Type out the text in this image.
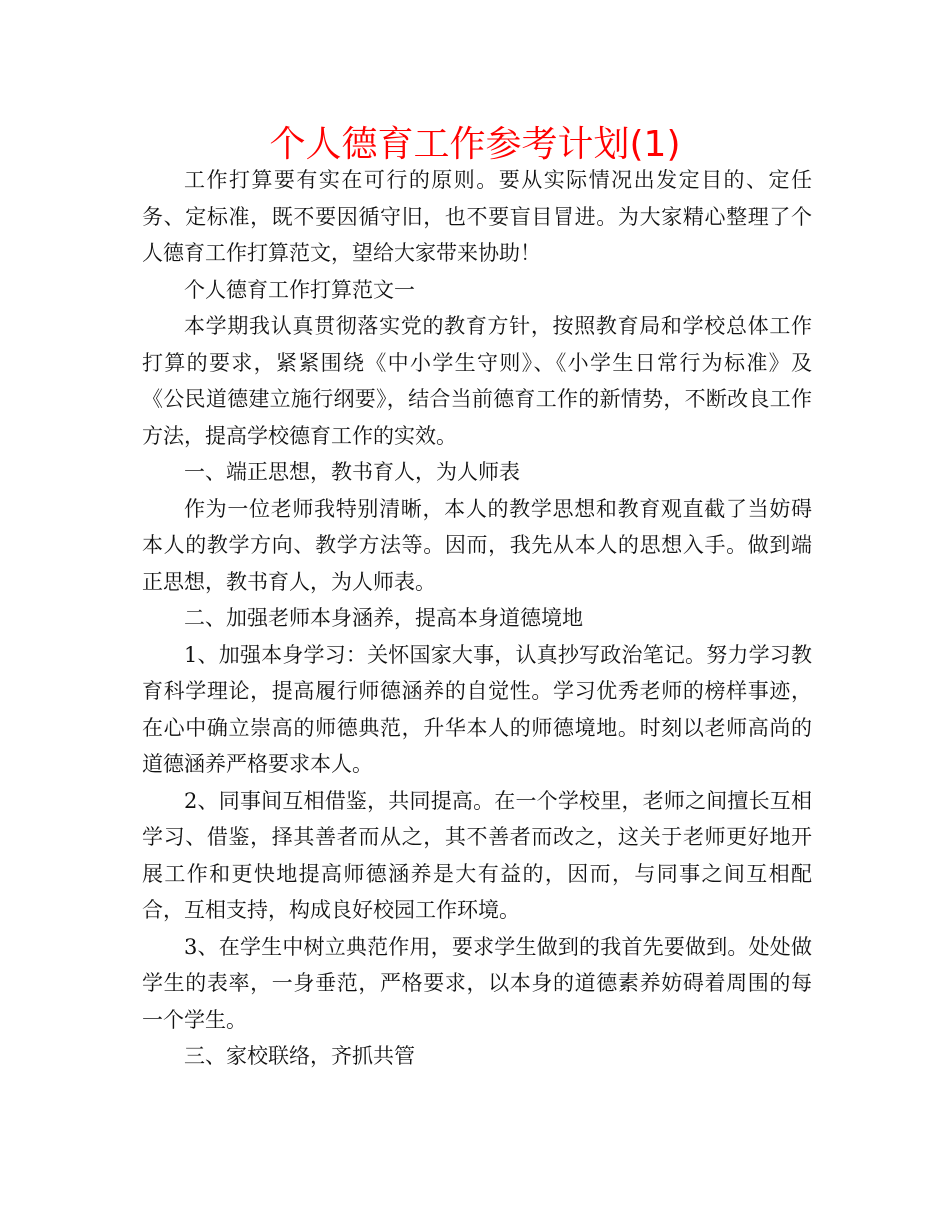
个人德育工作参考计划(1)

工作打算要有实在可行的原则。要从实际情况出发定目的、定任务、定标准，既不要因循守旧，也不要盲目冒进。为大家精心整理了个人德育工作打算范文，望给大家带来协助！

个人德育工作打算范文一

本学期我认真贯彻落实党的教育方针，按照教育局和学校总体工作打算的要求，紧紧围绕《中小学生守则》、《小学生日常行为标准》及《公民道德建立施行纲要》，结合当前德育工作的新情势，不断改良工作方法，提高学校德育工作的实效。

一、端正思想，教书育人，为人师表

作为一位老师我特别清晰，本人的教学思想和教育观直截了当妨碍本人的教学方向、教学方法等。因而，我先从本人的思想入手。做到端正思想，教书育人，为人师表。

二、加强老师本身涵养，提高本身道德境地

1、加强本身学习：关怀国家大事，认真抄写政治笔记。努力学习教育科学理论，提高履行师德涵养的自觉性。学习优秀老师的榜样事迹，在心中确立崇高的师德典范，升华本人的师德境地。时刻以老师高尚的道德涵养严格要求本人。

2、同事间互相借鉴，共同提高。在一个学校里，老师之间擅长互相学习、借鉴，择其善者而从之，其不善者而改之，这关于老师更好地开展工作和更快地提高师德涵养是大有益的，因而，与同事之间互相配合，互相支持，构成良好校园工作环境。

3、在学生中树立典范作用，要求学生做到的我首先要做到。处处做学生的表率，一身垂范，严格要求，以本身的道德素养妨碍着周围的每一个学生。

三、家校联络，齐抓共管
